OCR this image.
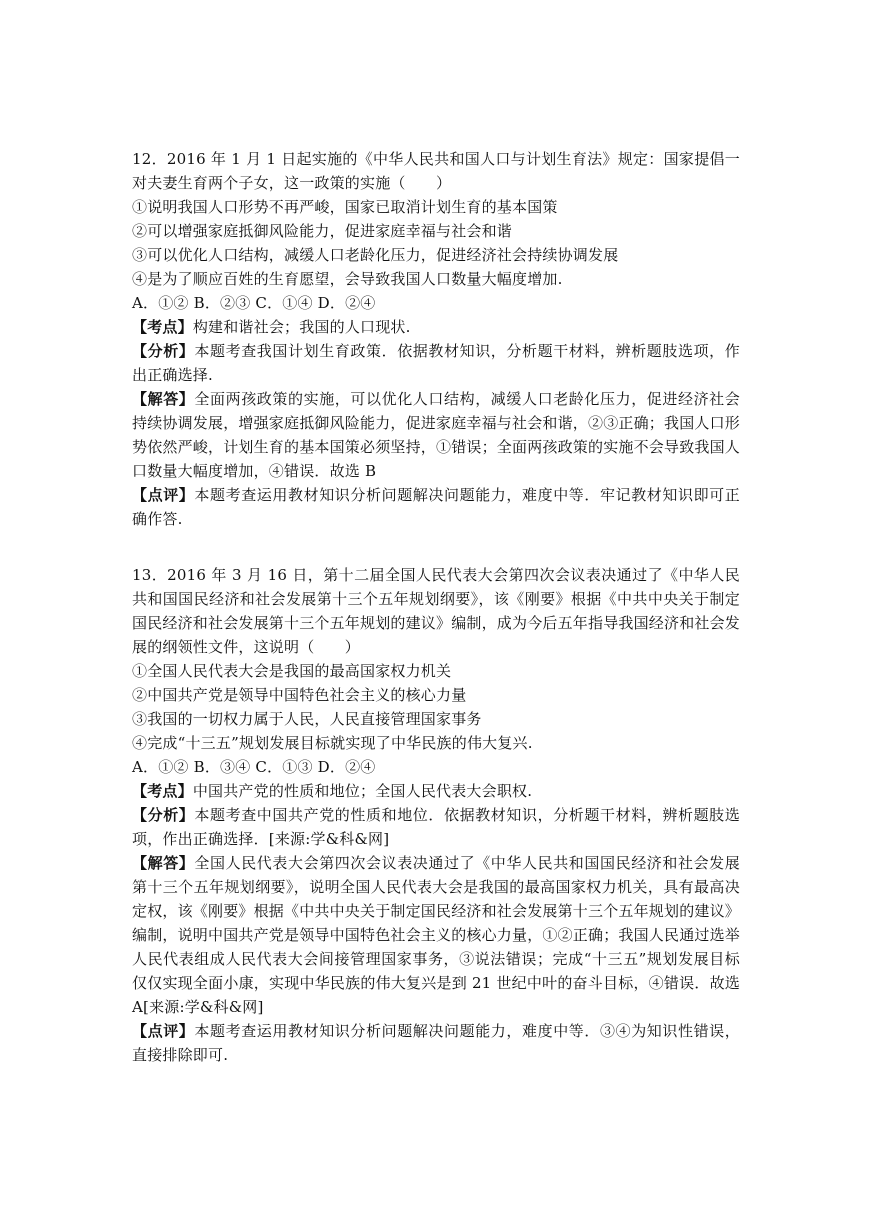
12．2016 年 1 月 1 日起实施的《中华人民共和国人口与计划生育法》规定：国家提倡一对夫妻生育两个子女，这一政策的实施（　　）

①说明我国人口形势不再严峻，国家已取消计划生育的基本国策

②可以增强家庭抵御风险能力，促进家庭幸福与社会和谐

③可以优化人口结构，减缓人口老龄化压力，促进经济社会持续协调发展

④是为了顺应百姓的生育愿望，会导致我国人口数量大幅度增加.

A．①② B．②③ C．①④ D．②④

【考点】构建和谐社会；我国的人口现状.

【分析】本题考查我国计划生育政策．依据教材知识，分析题干材料，辨析题肢选项，作出正确选择.

【解答】全面两孩政策的实施，可以优化人口结构，减缓人口老龄化压力，促进经济社会持续协调发展，增强家庭抵御风险能力，促进家庭幸福与社会和谐，②③正确；我国人口形势依然严峻，计划生育的基本国策必须坚持，①错误；全面两孩政策的实施不会导致我国人口数量大幅度增加，④错误．故选 B

【点评】本题考查运用教材知识分析问题解决问题能力，难度中等．牢记教材知识即可正确作答.

13．2016 年 3 月 16 日，第十二届全国人民代表大会第四次会议表决通过了《中华人民共和国国民经济和社会发展第十三个五年规划纲要》，该《刚要》根据《中共中央关于制定国民经济和社会发展第十三个五年规划的建议》编制，成为今后五年指导我国经济和社会发展的纲领性文件，这说明（　　）

①全国人民代表大会是我国的最高国家权力机关

②中国共产党是领导中国特色社会主义的核心力量

③我国的一切权力属于人民，人民直接管理国家事务

④完成“十三五”规划发展目标就实现了中华民族的伟大复兴.

A．①② B．③④ C．①③ D．②④

【考点】中国共产党的性质和地位；全国人民代表大会职权.

【分析】本题考查中国共产党的性质和地位．依据教材知识，分析题干材料，辨析题肢选项，作出正确选择．[来源:学&科&网]

【解答】全国人民代表大会第四次会议表决通过了《中华人民共和国国民经济和社会发展第十三个五年规划纲要》，说明全国人民代表大会是我国的最高国家权力机关，具有最高决定权，该《刚要》根据《中共中央关于制定国民经济和社会发展第十三个五年规划的建议》编制，说明中国共产党是领导中国特色社会主义的核心力量，①②正确；我国人民通过选举人民代表组成人民代表大会间接管理国家事务，③说法错误；完成“十三五”规划发展目标仅仅实现全面小康，实现中华民族的伟大复兴是到 21 世纪中叶的奋斗目标，④错误．故选 A[来源:学&科&网]

【点评】本题考查运用教材知识分析问题解决问题能力，难度中等．③④为知识性错误，直接排除即可.
